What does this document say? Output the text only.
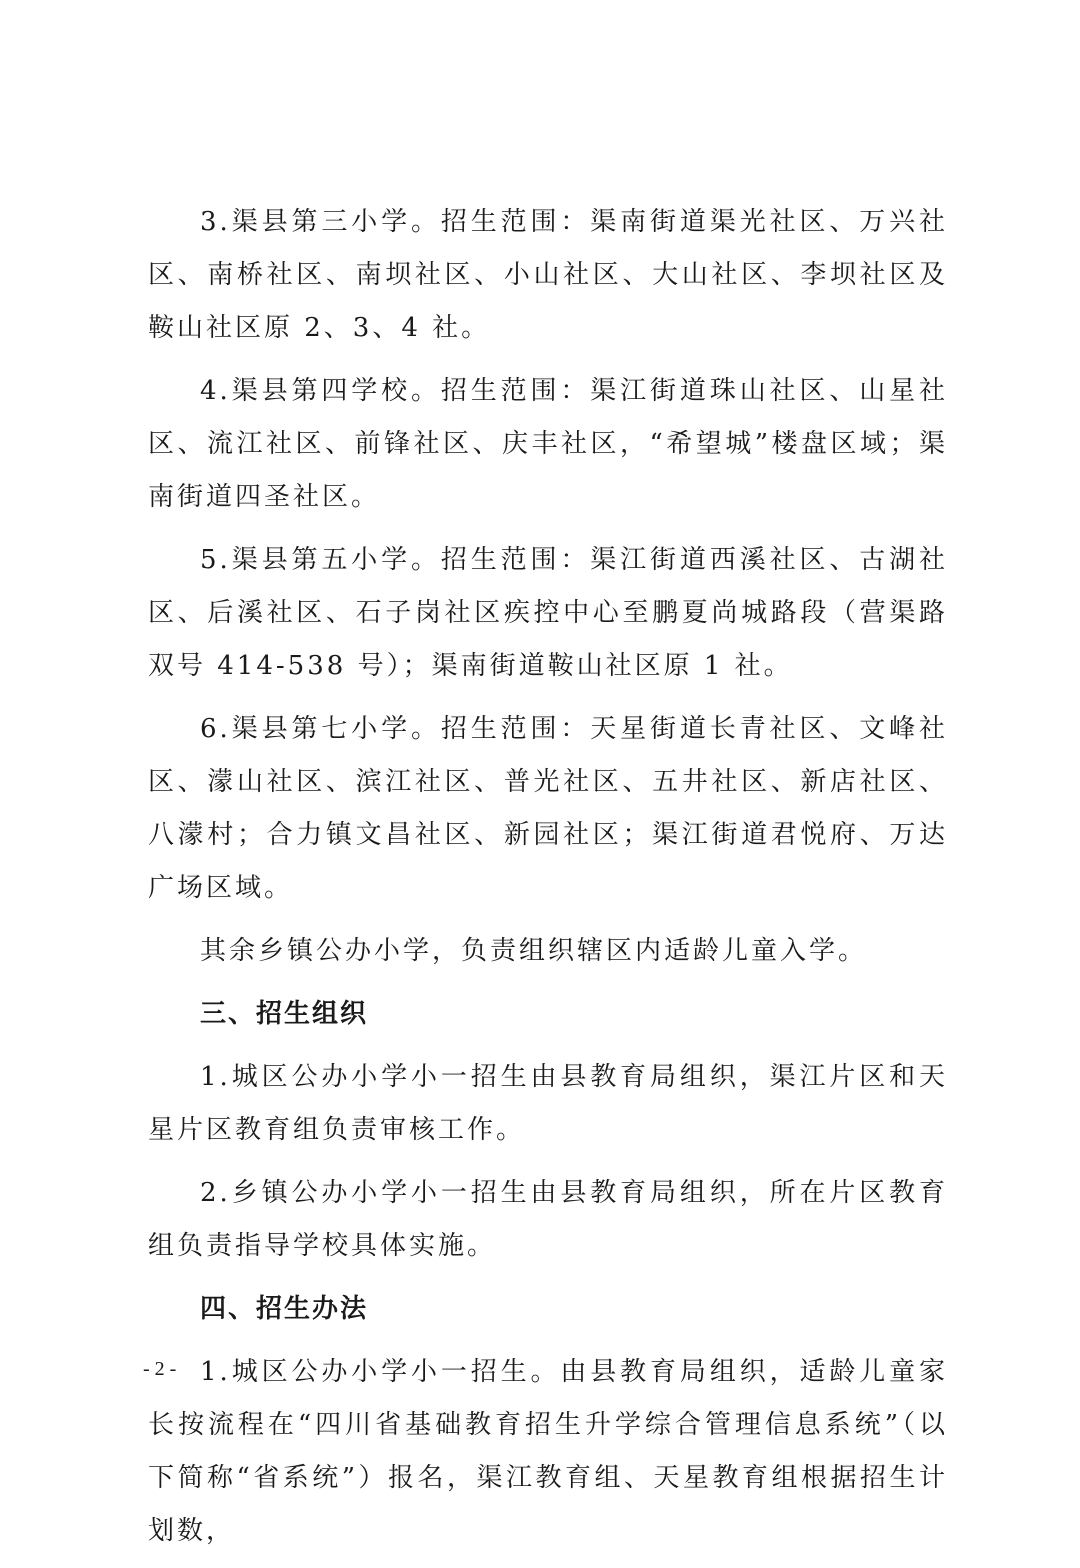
3.渠县第三小学。招生范围：渠南街道渠光社区、万兴社区、南桥社区、南坝社区、小山社区、大山社区、李坝社区及鞍山社区原 2、3、4 社。

4.渠县第四学校。招生范围：渠江街道珠山社区、山星社区、流江社区、前锋社区、庆丰社区，“希望城”楼盘区域；渠南街道四圣社区。

5.渠县第五小学。招生范围：渠江街道西溪社区、古湖社区、后溪社区、石子岗社区疾控中心至鹏夏尚城路段（营渠路双号 414-538 号）；渠南街道鞍山社区原 1 社。

6.渠县第七小学。招生范围：天星街道长青社区、文峰社区、濛山社区、滨江社区、普光社区、五井社区、新店社区、八濛村；合力镇文昌社区、新园社区；渠江街道君悦府、万达广场区域。

其余乡镇公办小学，负责组织辖区内适龄儿童入学。

三、招生组织

1.城区公办小学小一招生由县教育局组织，渠江片区和天星片区教育组负责审核工作。

2.乡镇公办小学小一招生由县教育局组织，所在片区教育组负责指导学校具体实施。

四、招生办法

1.城区公办小学小一招生。由县教育局组织，适龄儿童家长按流程在“四川省基础教育招生升学综合管理信息系统”（以下简称“省系统”）报名，渠江教育组、天星教育组根据招生计划数，

- 2 -
